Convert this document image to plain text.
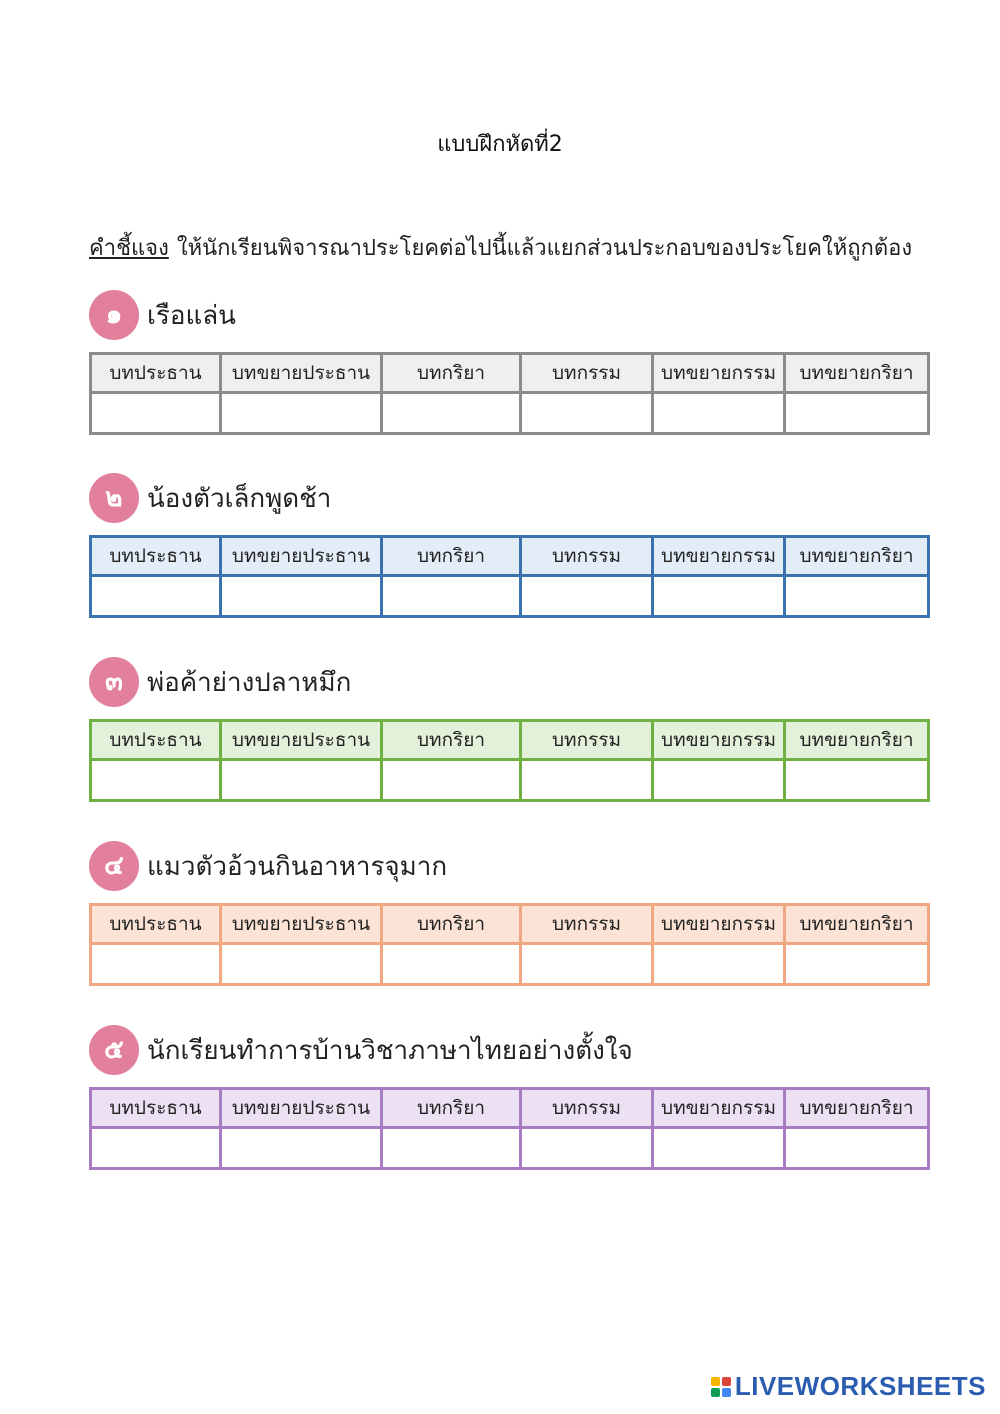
แบบฝึกหัดที่2
คำชี้แจง ให้นักเรียนพิจารณาประโยคต่อไปนี้แล้วแยกส่วนประกอบของประโยคให้ถูกต้อง
๑ เรือแล่น
บทประธาน	บทขยายประธาน	บทกริยา	บทกรรม	บทขยายกรรม	บทขยายกริยา

๒ น้องตัวเล็กพูดช้า
บทประธาน	บทขยายประธาน	บทกริยา	บทกรรม	บทขยายกรรม	บทขยายกริยา

๓ พ่อค้าย่างปลาหมึก
บทประธาน	บทขยายประธาน	บทกริยา	บทกรรม	บทขยายกรรม	บทขยายกริยา

๔ แมวตัวอ้วนกินอาหารจุมาก
บทประธาน	บทขยายประธาน	บทกริยา	บทกรรม	บทขยายกรรม	บทขยายกริยา

๕ นักเรียนทำการบ้านวิชาภาษาไทยอย่างตั้งใจ
บทประธาน	บทขยายประธาน	บทกริยา	บทกรรม	บทขยายกรรม	บทขยายกริยา

LIVEWORKSHEETS
